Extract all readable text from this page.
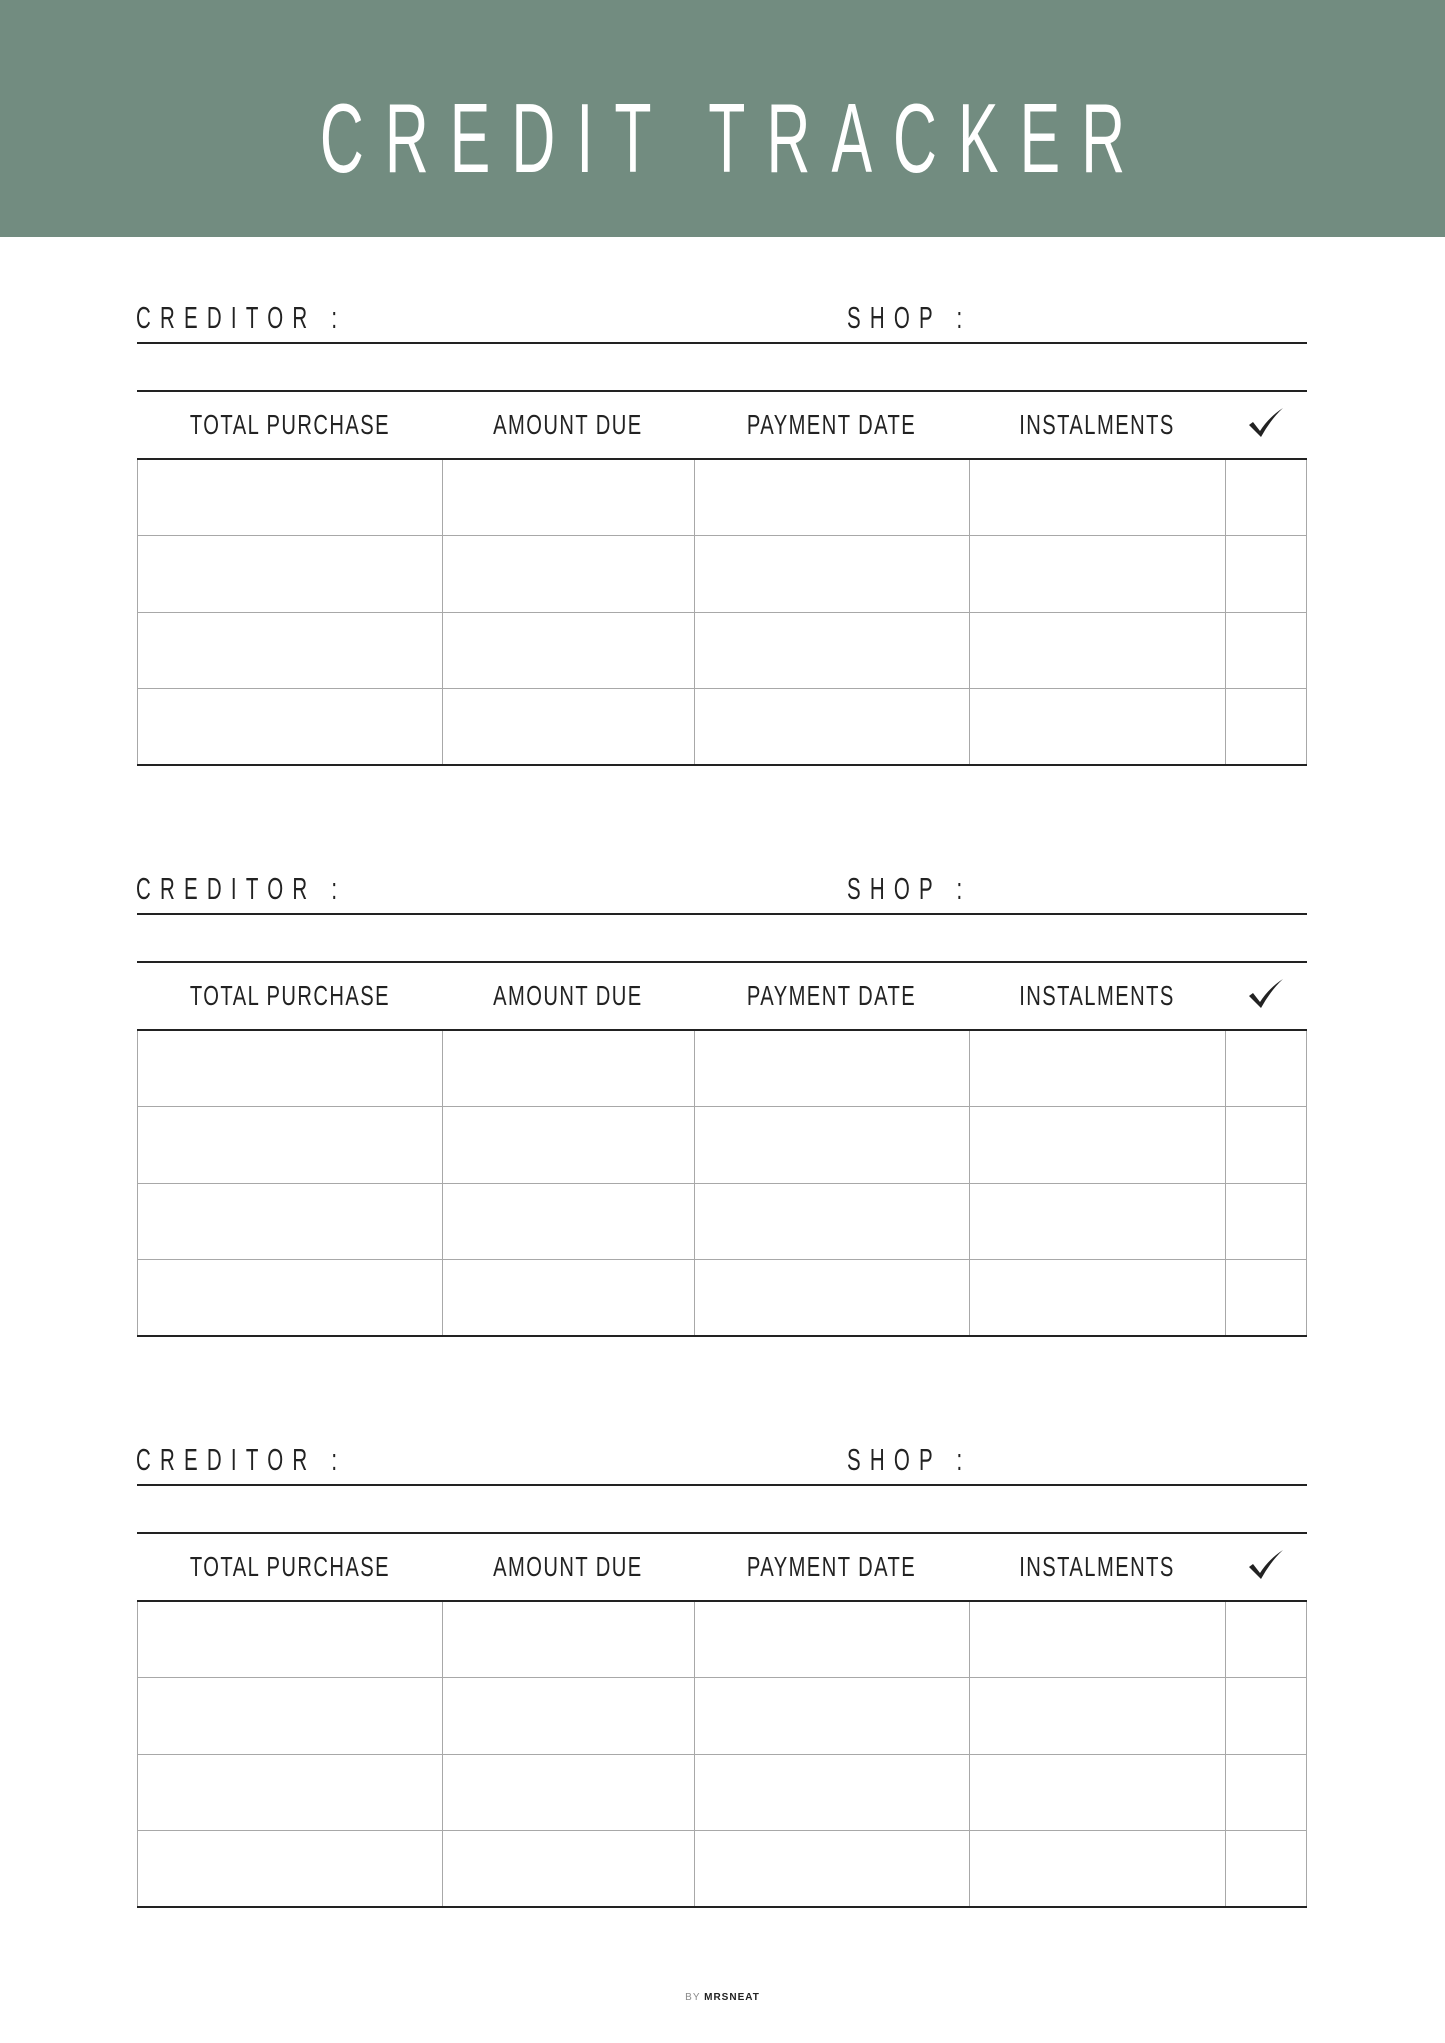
CREDIT TRACKER
CREDITOR :	SHOP :
TOTAL PURCHASE	AMOUNT DUE	PAYMENT DATE	INSTALMENTS
CREDITOR :	SHOP :
TOTAL PURCHASE	AMOUNT DUE	PAYMENT DATE	INSTALMENTS
CREDITOR :	SHOP :
TOTAL PURCHASE	AMOUNT DUE	PAYMENT DATE	INSTALMENTS
BY MRSNEAT
